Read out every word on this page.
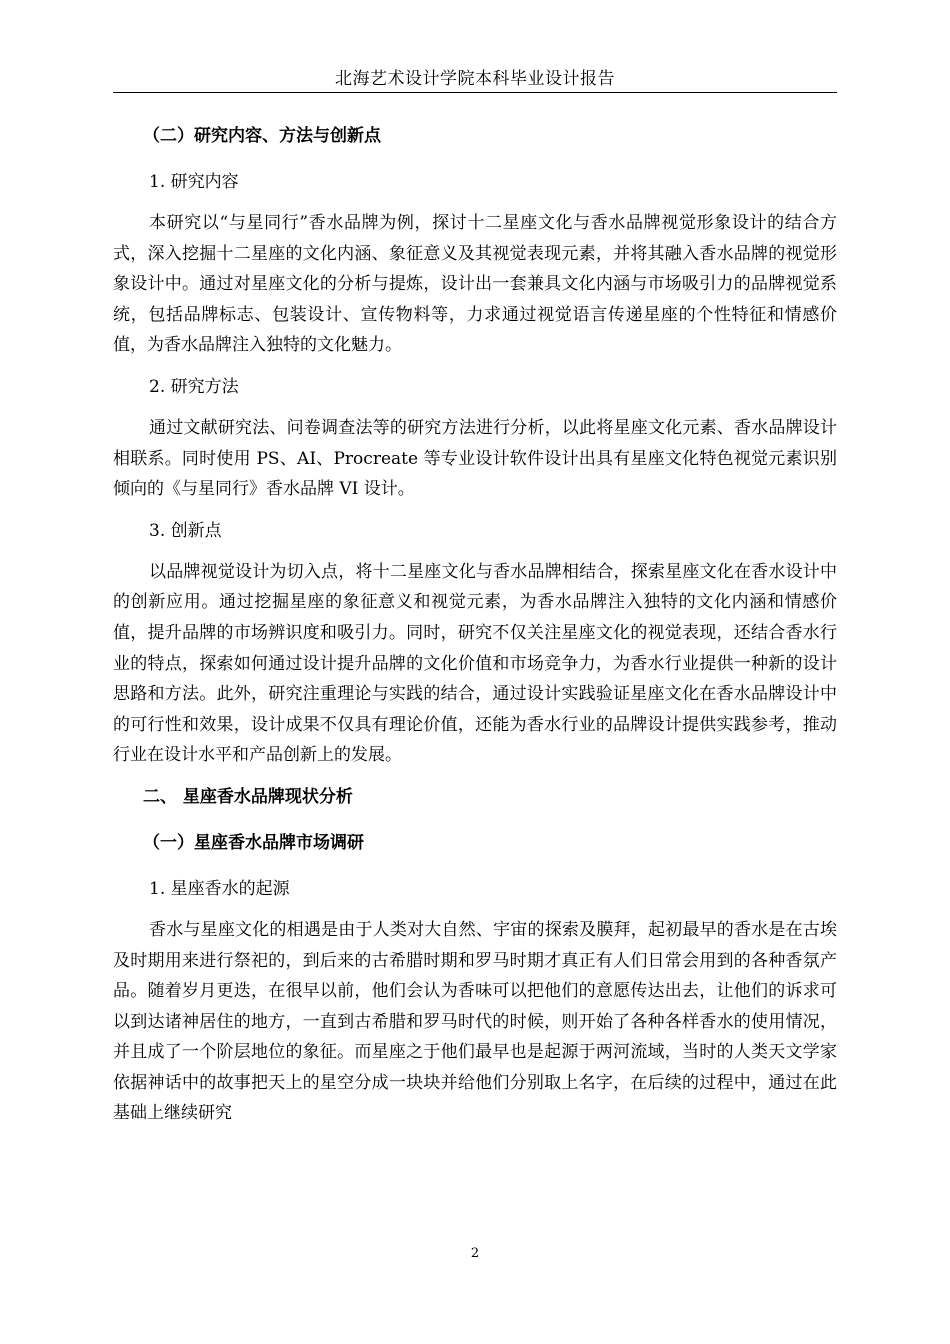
北海艺术设计学院本科毕业设计报告
（二）研究内容、方法与创新点
1. 研究内容

本研究以“与星同行”香水品牌为例，探讨十二星座文化与香水品牌视觉形象设计的结合方式，深入挖掘十二星座的文化内涵、象征意义及其视觉表现元素，并将其融入香水品牌的视觉形象设计中。通过对星座文化的分析与提炼，设计出一套兼具文化内涵与市场吸引力的品牌视觉系统，包括品牌标志、包装设计、宣传物料等，力求通过视觉语言传递星座的个性特征和情感价值，为香水品牌注入独特的文化魅力。

2. 研究方法

通过文献研究法、问卷调查法等的研究方法进行分析，以此将星座文化元素、香水品牌设计相联系。同时使用 PS、AI、Procreate 等专业设计软件设计出具有星座文化特色视觉元素识别倾向的《与星同行》香水品牌 VI 设计。

3. 创新点

以品牌视觉设计为切入点，将十二星座文化与香水品牌相结合，探索星座文化在香水设计中的创新应用。通过挖掘星座的象征意义和视觉元素，为香水品牌注入独特的文化内涵和情感价值，提升品牌的市场辨识度和吸引力。同时，研究不仅关注星座文化的视觉表现，还结合香水行业的特点，探索如何通过设计提升品牌的文化价值和市场竞争力，为香水行业提供一种新的设计思路和方法。此外，研究注重理论与实践的结合，通过设计实践验证星座文化在香水品牌设计中的可行性和效果，设计成果不仅具有理论价值，还能为香水行业的品牌设计提供实践参考，推动行业在设计水平和产品创新上的发展。

二、 星座香水品牌现状分析
（一）星座香水品牌市场调研
1. 星座香水的起源

香水与星座文化的相遇是由于人类对大自然、宇宙的探索及膜拜，起初最早的香水是在古埃及时期用来进行祭祀的，到后来的古希腊时期和罗马时期才真正有人们日常会用到的各种香氛产品。随着岁月更迭，在很早以前，他们会认为香味可以把他们的意愿传达出去，让他们的诉求可以到达诸神居住的地方，一直到古希腊和罗马时代的时候，则开始了各种各样香水的使用情况，并且成了一个阶层地位的象征。而星座之于他们最早也是起源于两河流域，当时的人类天文学家依据神话中的故事把天上的星空分成一块块并给他们分别取上名字，在后续的过程中，通过在此基础上继续研究

2
